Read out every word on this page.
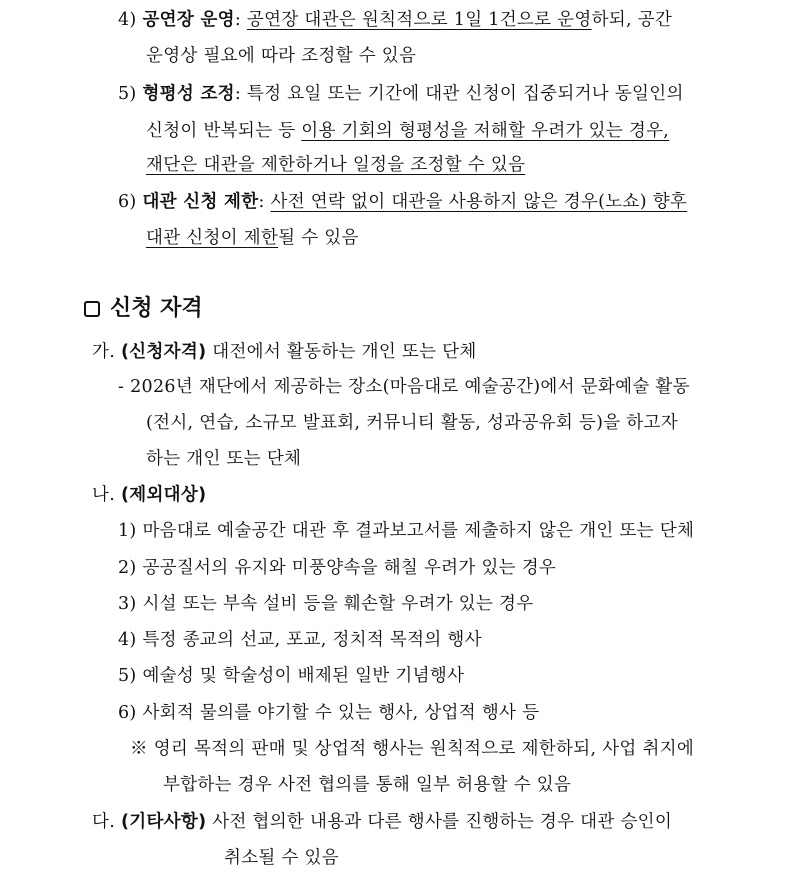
4) 공연장 운영: 공연장 대관은 원칙적으로 1일 1건으로 운영하되, 공간
운영상 필요에 따라 조정할 수 있음
5) 형평성 조정: 특정 요일 또는 기간에 대관 신청이 집중되거나 동일인의
신청이 반복되는 등 이용 기회의 형평성을 저해할 우려가 있는 경우,
재단은 대관을 제한하거나 일정을 조정할 수 있음
6) 대관 신청 제한: 사전 연락 없이 대관을 사용하지 않은 경우(노쇼) 향후
대관 신청이 제한될 수 있음
신청 자격
가. (신청자격) 대전에서 활동하는 개인 또는 단체
- 2026년 재단에서 제공하는 장소(마음대로 예술공간)에서 문화예술 활동
(전시, 연습, 소규모 발표회, 커뮤니티 활동, 성과공유회 등)을 하고자
하는 개인 또는 단체
나. (제외대상)
1) 마음대로 예술공간 대관 후 결과보고서를 제출하지 않은 개인 또는 단체
2) 공공질서의 유지와 미풍양속을 해칠 우려가 있는 경우
3) 시설 또는 부속 설비 등을 훼손할 우려가 있는 경우
4) 특정 종교의 선교, 포교, 정치적 목적의 행사
5) 예술성 및 학술성이 배제된 일반 기념행사
6) 사회적 물의를 야기할 수 있는 행사, 상업적 행사 등
※ 영리 목적의 판매 및 상업적 행사는 원칙적으로 제한하되, 사업 취지에
부합하는 경우 사전 협의를 통해 일부 허용할 수 있음
다. (기타사항) 사전 협의한 내용과 다른 행사를 진행하는 경우 대관 승인이
취소될 수 있음
